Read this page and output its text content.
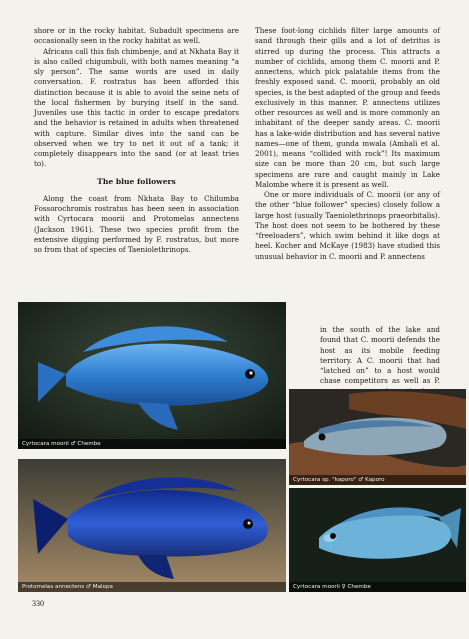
shore or in the rocky habitat. Subadult specimens are occasionally seen in the rocky habitat as well.

Africans call this fish chimbenje, and at Nkhata Bay it is also called chigumbuli, with both names meaning “a sly person”. The same words are used in daily conversation. F. rostratus has been afforded this distinction because it is able to avoid the seine nets of the local fishermen by burying itself in the sand. Juveniles use this tactic in order to escape predators and the behavior is retained in adults when threatened with capture. Similar dives into the sand can be observed when we try to net it out of a tank; it completely disappears into the sand (or at least tries to).

The blue followers

Along the coast from Nkhata Bay to Chilumba Fossorochromis rostratus has been seen in association with Cyrtocara moorii and Protomelas annectens (Jackson 1961). These two species profit from the extensive digging performed by F. rostratus, but more so from that of species of Taeniolethrinops.

These foot-long cichlids filter large amounts of sand through their gills and a lot of detritus is stirred up during the process. This attracts a number of cichlids, among them C. moorii and P. annectens, which pick palatable items from the freshly exposed sand. C. moorii, probably an old species, is the best adapted of the group and feeds exclusively in this manner. P. annectens utilizes other resources as well and is more commonly an inhabitant of the deeper sandy areas. C. moorii has a lake-wide distribution and has several native names—one of them, gunda mwala (Ambali et al. 2001), means “collided with rock”! Its maximum size can be more than 20 cm, but such large specimens are rare and caught mainly in Lake Malombe where it is present as well.

One or more individuals of C. moorii (or any of the other “blue follower” species) closely follow a large host (usually Taeniolethrinops praeorbitalis). The host does not seem to be bothered by these “freeloaders”, which swim behind it like dogs at heel. Kocher and McKaye (1983) have studied this unusual behavior in C. moorii and P. annectens

in the south of the lake and found that C. moorii defends the host as its mobile feeding territory. A C. moorii that had “latched on” to a host would chase competitors as well as P.

Cyrtocara moorii ♂ Chembe
Cyrtocara sp. "kaporo" ♂ Kaporo
Protomelas annectens ♂ Malopa	Cyrtocara moorii ♀ Chembe
330
